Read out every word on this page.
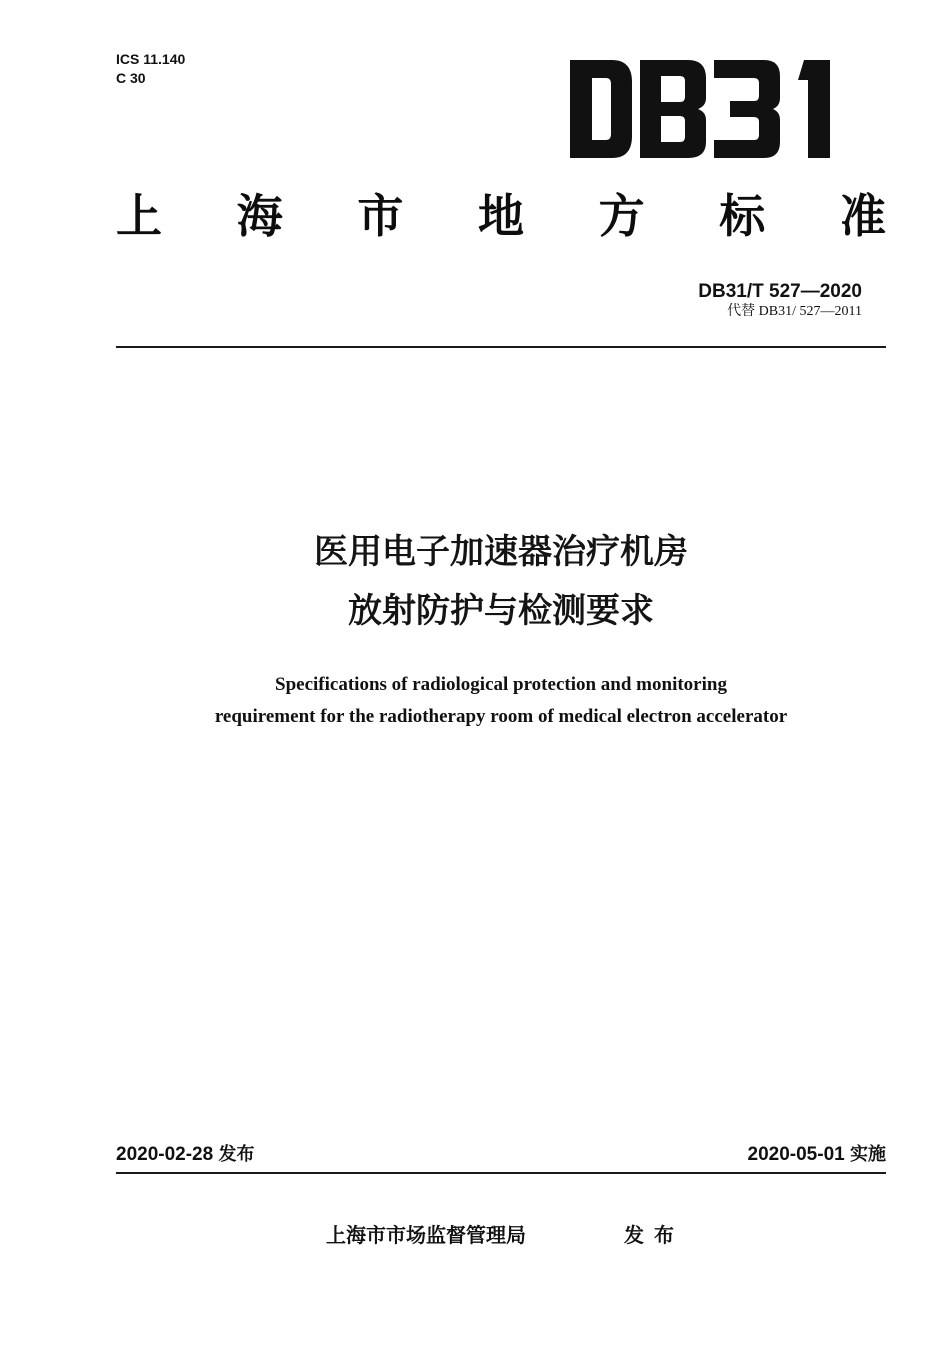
ICS 11.140
C 30
上 海 市 地 方 标 准
DB31/T 527—2020
代替 DB31/ 527—2011
医用电子加速器治疗机房
放射防护与检测要求
Specifications of radiological protection and monitoring
requirement for the radiotherapy room of medical electron accelerator
2020-02-28 发布	2020-05-01 实施
上海市市场监督管理局	发布
